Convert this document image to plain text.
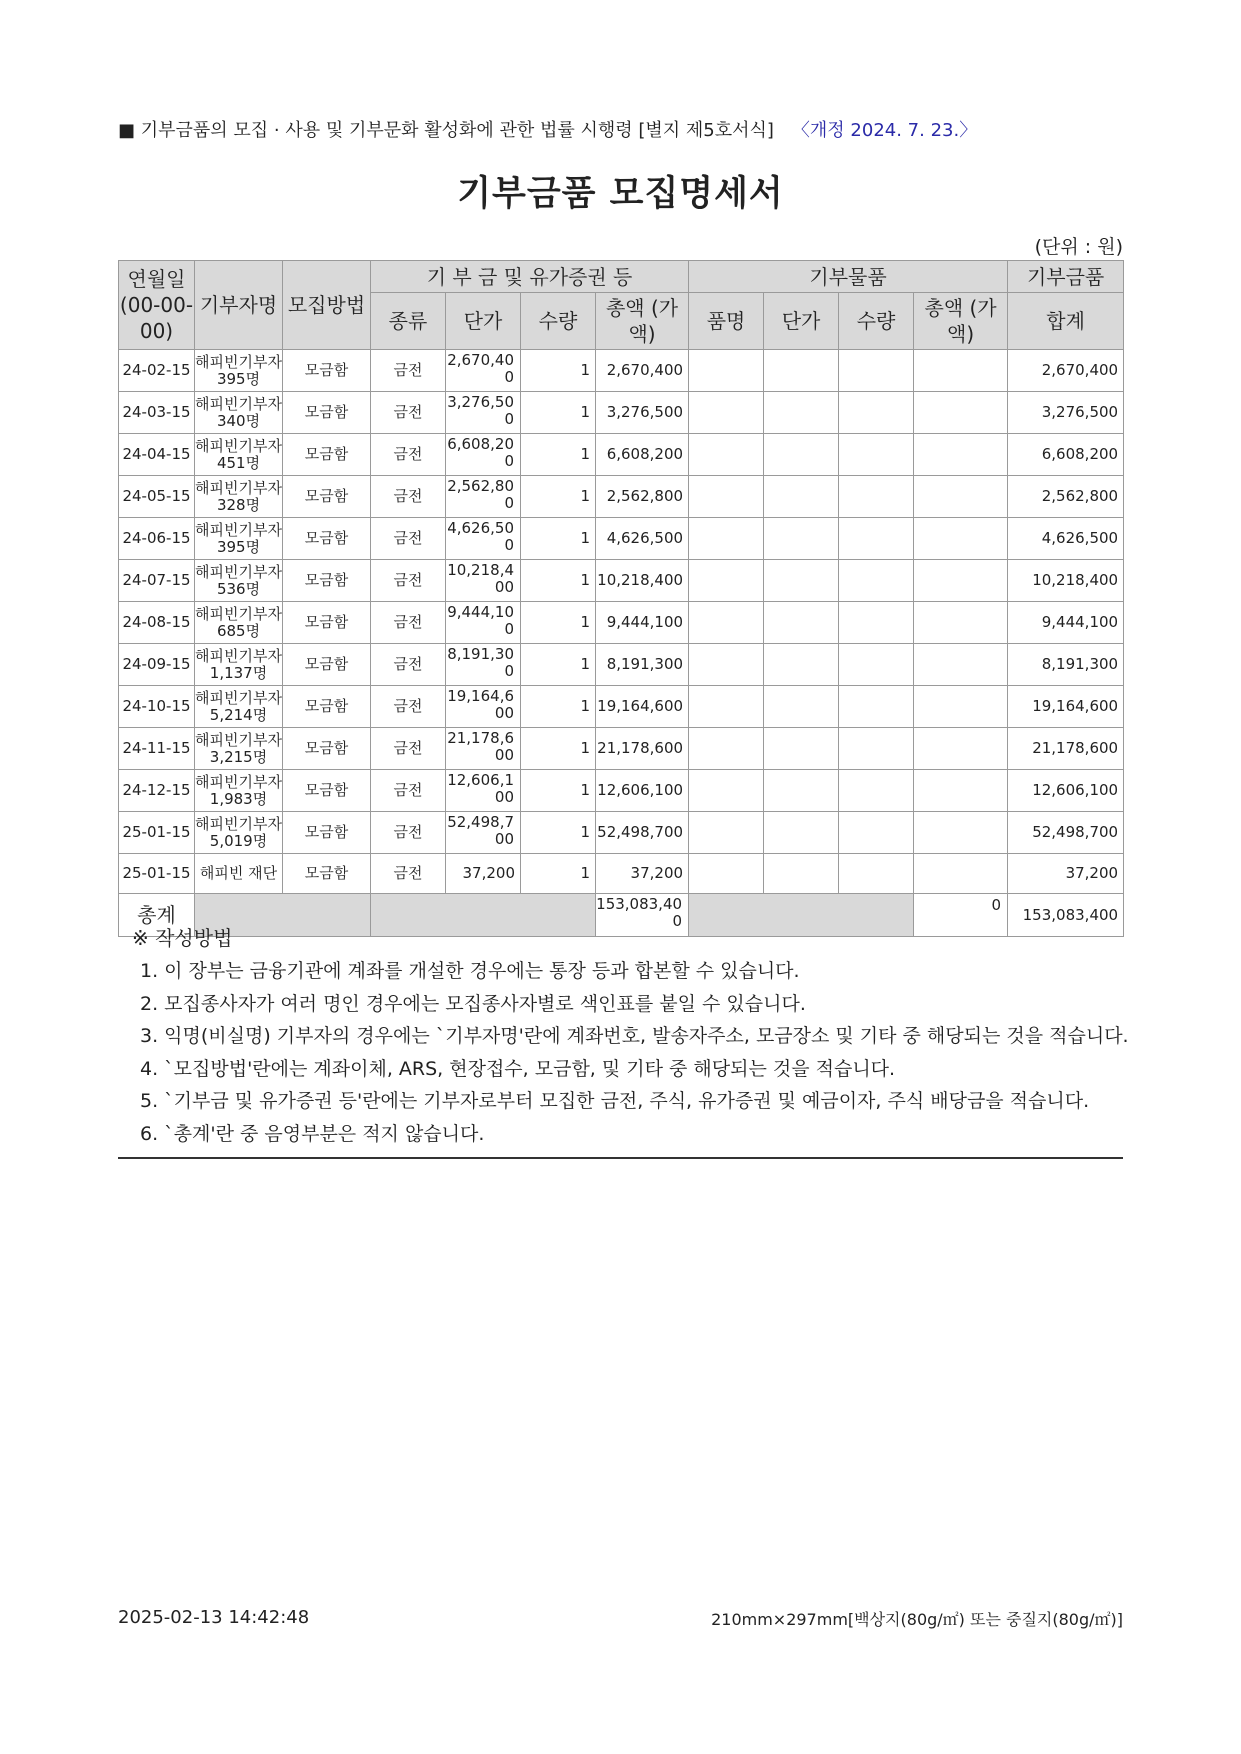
■ 기부금품의 모집 · 사용 및 기부문화 활성화에 관한 법률 시행령 [별지 제5호서식] 〈개정 2024. 7. 23.〉
기부금품 모집명세서
(단위 : 원)
연월일 (00-00-00)	기부자명	모집방법	기 부 금 및 유가증권 등				기부물품				기부금품
			종류	단가	수량	총액 (가액)	품명	단가	수량	총액 (가액)	합계
24-02-15	해피빈기부자 395명	모금함	금전	2,670,400	1	2,670,400					2,670,400
24-03-15	해피빈기부자 340명	모금함	금전	3,276,500	1	3,276,500					3,276,500
24-04-15	해피빈기부자 451명	모금함	금전	6,608,200	1	6,608,200					6,608,200
24-05-15	해피빈기부자 328명	모금함	금전	2,562,800	1	2,562,800					2,562,800
24-06-15	해피빈기부자 395명	모금함	금전	4,626,500	1	4,626,500					4,626,500
24-07-15	해피빈기부자 536명	모금함	금전	10,218,400	1	10,218,400					10,218,400
24-08-15	해피빈기부자 685명	모금함	금전	9,444,100	1	9,444,100					9,444,100
24-09-15	해피빈기부자 1,137명	모금함	금전	8,191,300	1	8,191,300					8,191,300
24-10-15	해피빈기부자 5,214명	모금함	금전	19,164,600	1	19,164,600					19,164,600
24-11-15	해피빈기부자 3,215명	모금함	금전	21,178,600	1	21,178,600					21,178,600
24-12-15	해피빈기부자 1,983명	모금함	금전	12,606,100	1	12,606,100					12,606,100
25-01-15	해피빈기부자 5,019명	모금함	금전	52,498,700	1	52,498,700					52,498,700
25-01-15	해피빈 재단	모금함	금전	37,200	1	37,200					37,200
총계						153,083,400				0	153,083,400
※ 작성방법
1. 이 장부는 금융기관에 계좌를 개설한 경우에는 통장 등과 합본할 수 있습니다.
2. 모집종사자가 여러 명인 경우에는 모집종사자별로 색인표를 붙일 수 있습니다.
3. 익명(비실명) 기부자의 경우에는 `기부자명'란에 계좌번호, 발송자주소, 모금장소 및 기타 중 해당되는 것을 적습니다.
4. `모집방법'란에는 계좌이체, ARS, 현장접수, 모금함, 및 기타 중 해당되는 것을 적습니다.
5. `기부금 및 유가증권 등'란에는 기부자로부터 모집한 금전, 주식, 유가증권 및 예금이자, 주식 배당금을 적습니다.
6. `총계'란 중 음영부분은 적지 않습니다.
2025-02-13 14:42:48	210mm×297mm[백상지(80g/㎡) 또는 중질지(80g/㎡)]
